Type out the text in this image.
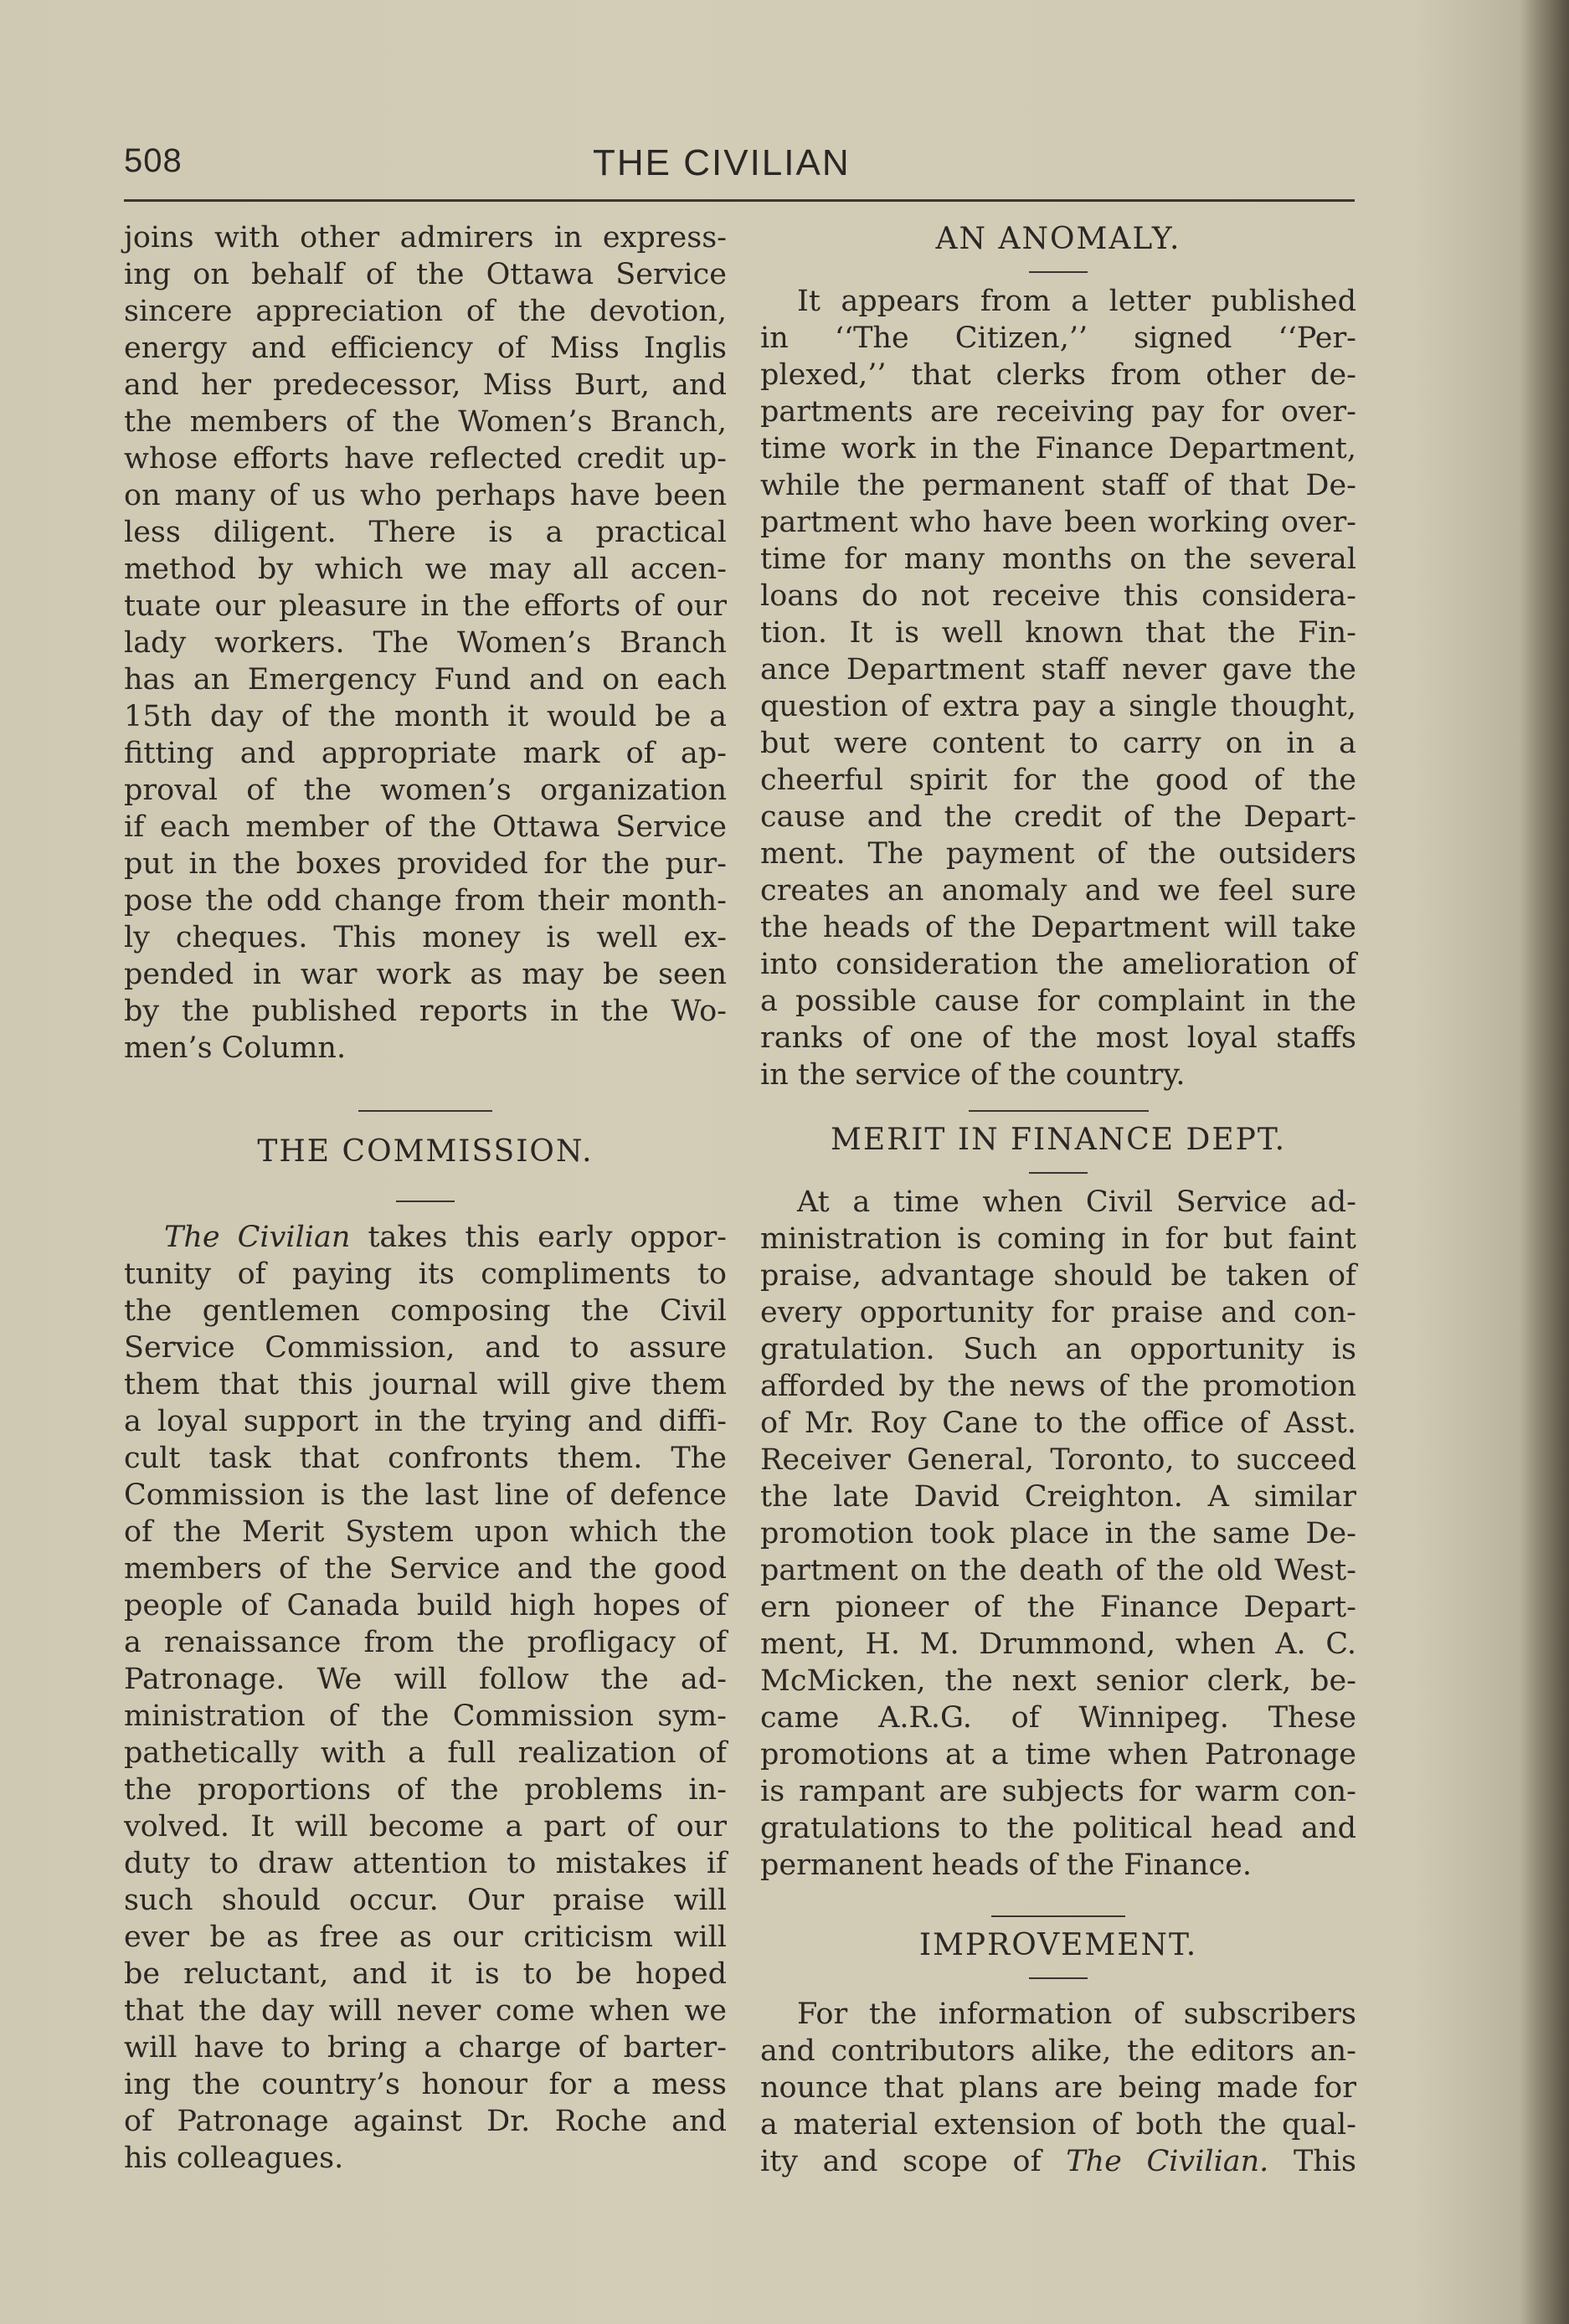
508	THE CIVILIAN

joins with other admirers in express-
ing on behalf of the Ottawa Service
sincere appreciation of the devotion,
energy and efficiency of Miss Inglis
and her predecessor, Miss Burt, and
the members of the Women’s Branch,
whose efforts have reflected credit up-
on many of us who perhaps have been
less diligent. There is a practical
method by which we may all accen-
tuate our pleasure in the efforts of our
lady workers. The Women’s Branch
has an Emergency Fund and on each
15th day of the month it would be a
fitting and appropriate mark of ap-
proval of the women’s organization
if each member of the Ottawa Service
put in the boxes provided for the pur-
pose the odd change from their month-
ly cheques. This money is well ex-
pended in war work as may be seen
by the published reports in the Wo-
men’s Column.

THE COMMISSION.

The Civilian takes this early oppor-
tunity of paying its compliments to
the gentlemen composing the Civil
Service Commission, and to assure
them that this journal will give them
a loyal support in the trying and diffi-
cult task that confronts them. The
Commission is the last line of defence
of the Merit System upon which the
members of the Service and the good
people of Canada build high hopes of
a renaissance from the profligacy of
Patronage. We will follow the ad-
ministration of the Commission sym-
pathetically with a full realization of
the proportions of the problems in-
volved. It will become a part of our
duty to draw attention to mistakes if
such should occur. Our praise will
ever be as free as our criticism will
be reluctant, and it is to be hoped
that the day will never come when we
will have to bring a charge of barter-
ing the country’s honour for a mess
of Patronage against Dr. Roche and
his colleagues.

AN ANOMALY.

It appears from a letter published
in ‘‘The Citizen,’’ signed ‘‘Per-
plexed,’’ that clerks from other de-
partments are receiving pay for over-
time work in the Finance Department,
while the permanent staff of that De-
partment who have been working over-
time for many months on the several
loans do not receive this considera-
tion. It is well known that the Fin-
ance Department staff never gave the
question of extra pay a single thought,
but were content to carry on in a
cheerful spirit for the good of the
cause and the credit of the Depart-
ment. The payment of the outsiders
creates an anomaly and we feel sure
the heads of the Department will take
into consideration the amelioration of
a possible cause for complaint in the
ranks of one of the most loyal staffs
in the service of the country.

MERIT IN FINANCE DEPT.

At a time when Civil Service ad-
ministration is coming in for but faint
praise, advantage should be taken of
every opportunity for praise and con-
gratulation. Such an opportunity is
afforded by the news of the promotion
of Mr. Roy Cane to the office of Asst.
Receiver General, Toronto, to succeed
the late David Creighton. A similar
promotion took place in the same De-
partment on the death of the old West-
ern pioneer of the Finance Depart-
ment, H. M. Drummond, when A. C.
McMicken, the next senior clerk, be-
came A.R.G. of Winnipeg. These
promotions at a time when Patronage
is rampant are subjects for warm con-
gratulations to the political head and
permanent heads of the Finance.

IMPROVEMENT.

For the information of subscribers
and contributors alike, the editors an-
nounce that plans are being made for
a material extension of both the qual-
ity and scope of The Civilian. This
